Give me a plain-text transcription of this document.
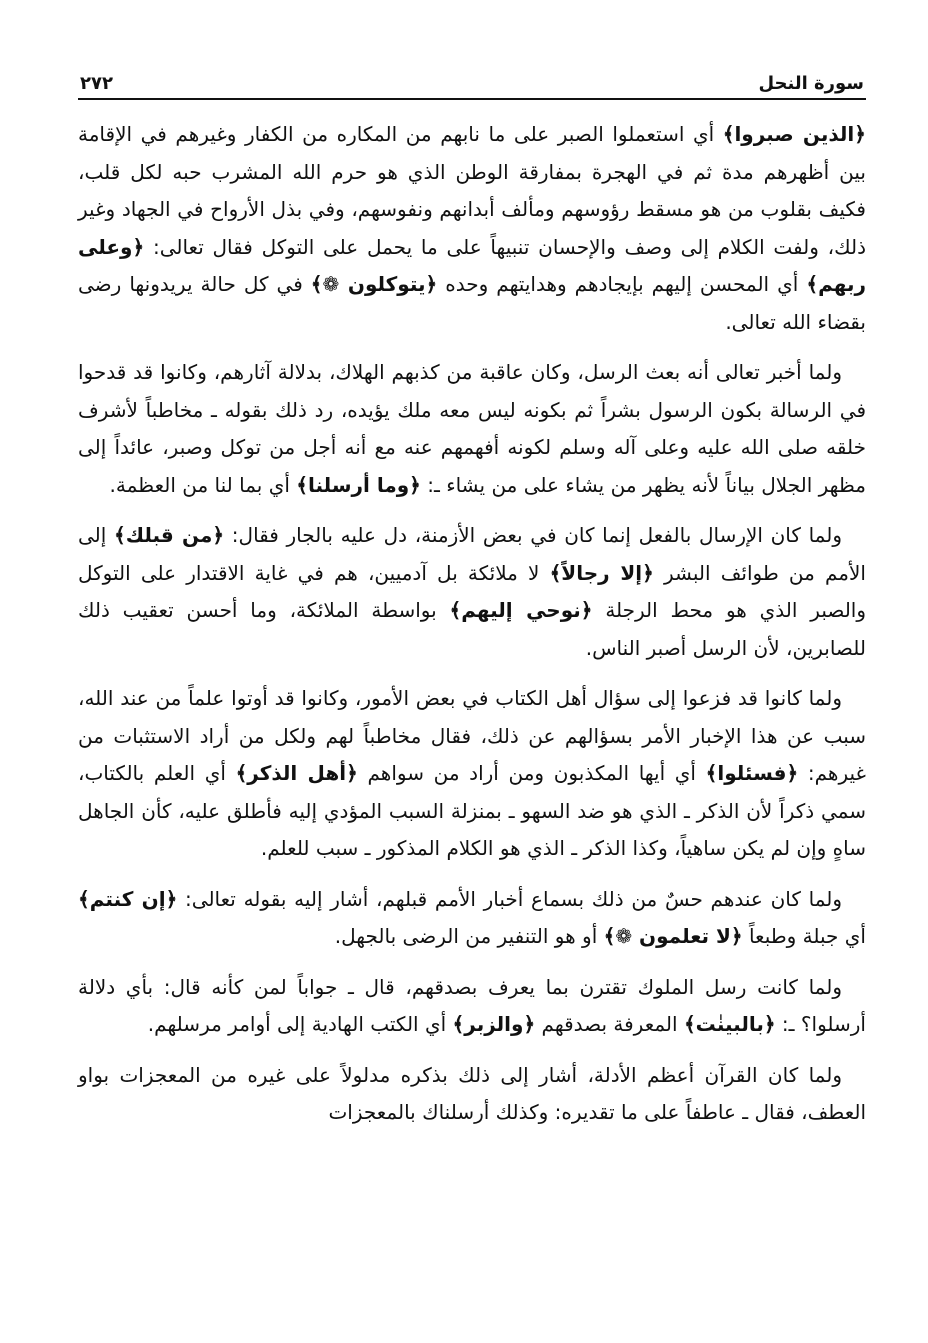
سورة النحل
٢٧٢

﴿الذين صبروا﴾ أي استعملوا الصبر على ما نابهم من المكاره من الكفار وغيرهم في الإقامة بين أظهرهم مدة ثم في الهجرة بمفارقة الوطن الذي هو حرم الله المشرب حبه لكل قلب، فكيف بقلوب من هو مسقط رؤوسهم ومألف أبدانهم ونفوسهم، وفي بذل الأرواح في الجهاد وغير ذلك، ولفت الكلام إلى وصف والإحسان تنبيهاً على ما يحمل على التوكل فقال تعالى: ﴿وعلى ربهم﴾ أي المحسن إليهم بإيجادهم وهدايتهم وحده ﴿يتوكلون ❁﴾ في كل حالة يريدونها رضى بقضاء الله تعالى.

ولما أخبر تعالى أنه بعث الرسل، وكان عاقبة من كذبهم الهلاك، بدلالة آثارهم، وكانوا قد قدحوا في الرسالة بكون الرسول بشراً ثم بكونه ليس معه ملك يؤيده، رد ذلك بقوله ـ مخاطباً لأشرف خلقه صلى الله عليه وعلى آله وسلم لكونه أفهمهم عنه مع أنه أجل من توكل وصبر، عائداً إلى مظهر الجلال بياناً لأنه يظهر من يشاء على من يشاء ـ: ﴿وما أرسلنا﴾ أي بما لنا من العظمة.

ولما كان الإرسال بالفعل إنما كان في بعض الأزمنة، دل عليه بالجار فقال: ﴿من قبلك﴾ إلى الأمم من طوائف البشر ﴿إلا رجالاً﴾ لا ملائكة بل آدميين، هم في غاية الاقتدار على التوكل والصبر الذي هو محط الرجلة ﴿نوحي إليهم﴾ بواسطة الملائكة، وما أحسن تعقيب ذلك للصابرين، لأن الرسل أصبر الناس.

ولما كانوا قد فزعوا إلى سؤال أهل الكتاب في بعض الأمور، وكانوا قد أوتوا علماً من عند الله، سبب عن هذا الإخبار الأمر بسؤالهم عن ذلك، فقال مخاطباً لهم ولكل من أراد الاستثبات من غيرهم: ﴿فسئلوا﴾ أي أيها المكذبون ومن أراد من سواهم ﴿أهل الذكر﴾ أي العلم بالكتاب، سمي ذكراً لأن الذكر ـ الذي هو ضد السهو ـ بمنزلة السبب المؤدي إليه فأطلق عليه، كأن الجاهل ساهٍ وإن لم يكن ساهياً، وكذا الذكر ـ الذي هو الكلام المذكور ـ سبب للعلم.

ولما كان عندهم حسٌ من ذلك بسماع أخبار الأمم قبلهم، أشار إليه بقوله تعالى: ﴿إن كنتم﴾ أي جبلة وطبعاً ﴿لا تعلمون ❁﴾ أو هو التنفير من الرضى بالجهل.

ولما كانت رسل الملوك تقترن بما يعرف بصدقهم، قال ـ جواباً لمن كأنه قال: بأي دلالة أرسلوا؟ ـ: ﴿بالبينٰت﴾ المعرفة بصدقهم ﴿والزبر﴾ أي الكتب الهادية إلى أوامر مرسلهم.

ولما كان القرآن أعظم الأدلة، أشار إلى ذلك بذكره مدلولاً على غيره من المعجزات بواو العطف، فقال ـ عاطفاً على ما تقديره: وكذلك أرسلناك بالمعجزات
